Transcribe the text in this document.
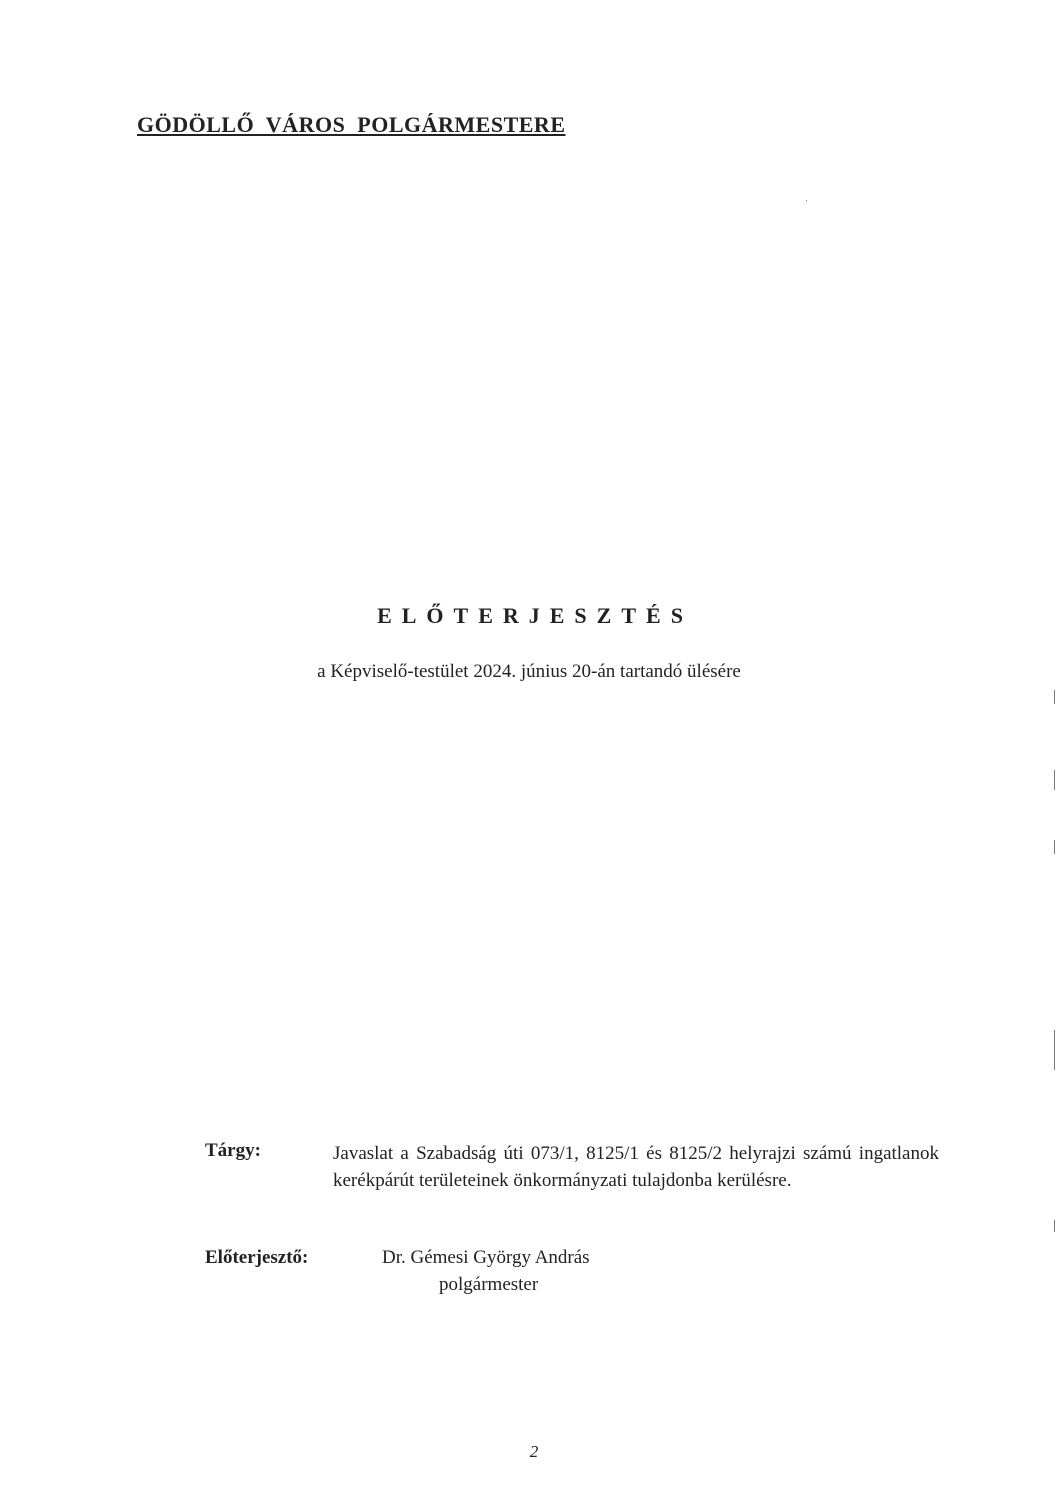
GÖDÖLLŐ VÁROS POLGÁRMESTERE
ELŐTERJESZTÉS
a Képviselő-testület 2024. június 20-án tartandó ülésére
Tárgy:	Javaslat a Szabadság úti 073/1, 8125/1 és 8125/2 helyrajzi számú ingatlanok kerékpárút területeinek önkormányzati tulajdonba kerülésre.
Előterjesztő:	Dr. Gémesi György András
polgármester
2
